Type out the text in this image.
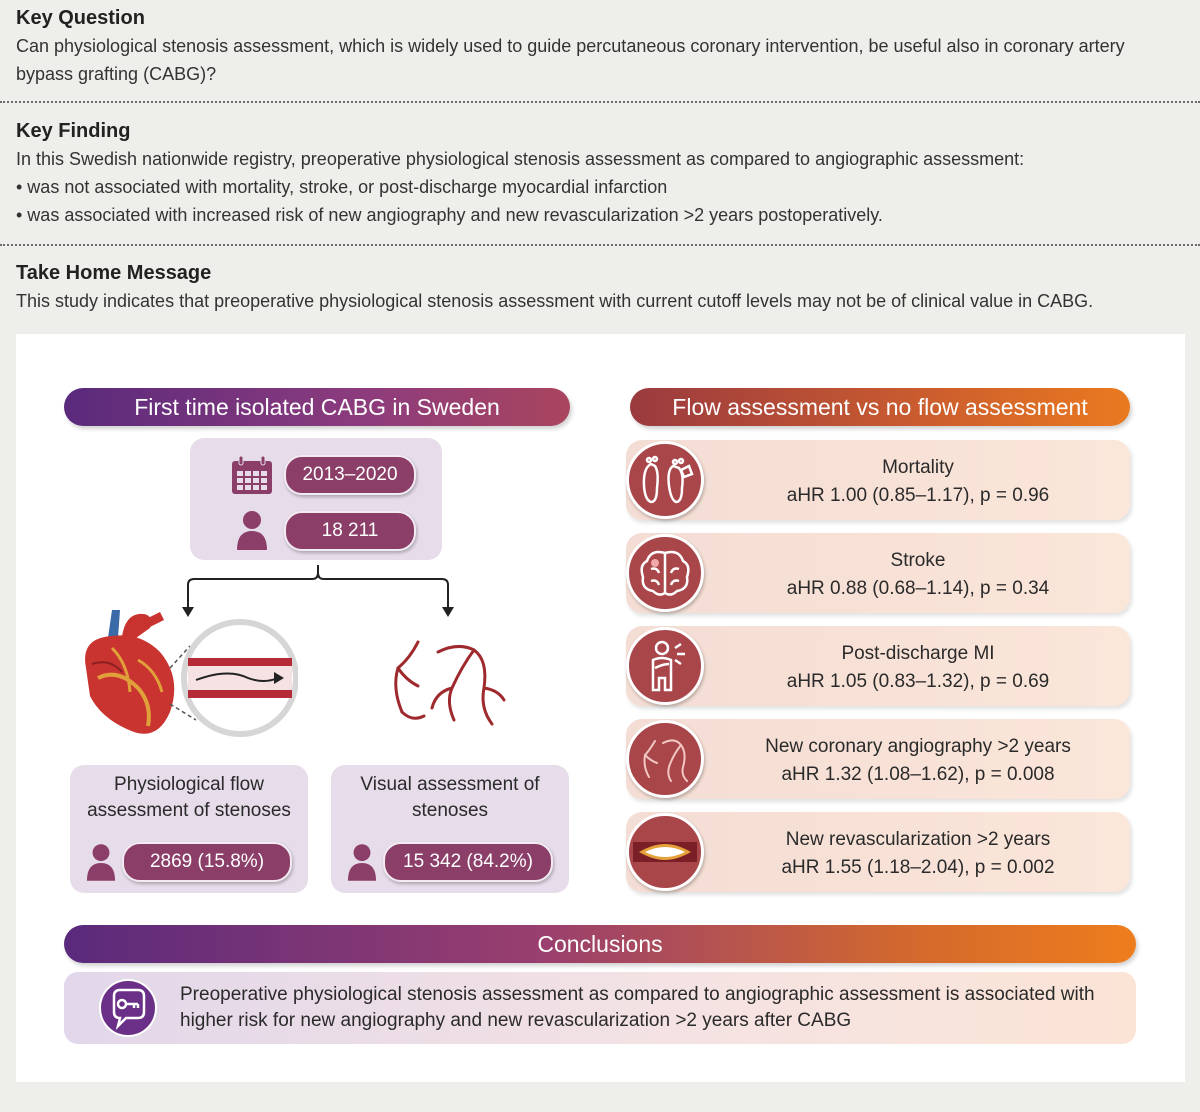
Key Question

Can physiological stenosis assessment, which is widely used to guide percutaneous coronary intervention, be useful also in coronary artery bypass grafting (CABG)?

Key Finding

In this Swedish nationwide registry, preoperative physiological stenosis assessment as compared to angiographic assessment:

• was not associated with mortality, stroke, or post-discharge myocardial infarction

• was associated with increased risk of new angiography and new revascularization >2 years postoperatively.

Take Home Message

This study indicates that preoperative physiological stenosis assessment with current cutoff levels may not be of clinical value in CABG.

First time isolated CABG in Sweden
2013–2020
18 211
Physiological flow assessment of stenoses
2869 (15.8%)
Visual assessment of stenoses
15 342 (84.2%)
Flow assessment vs no flow assessment
Mortality
aHR 1.00 (0.85–1.17), p = 0.96
Stroke
aHR 0.88 (0.68–1.14), p = 0.34
Post-discharge MI
aHR 1.05 (0.83–1.32), p = 0.69
New coronary angiography >2 years
aHR 1.32 (1.08–1.62), p = 0.008
New revascularization >2 years
aHR 1.55 (1.18–2.04), p = 0.002
Conclusions
Preoperative physiological stenosis assessment as compared to angiographic assessment is associated with higher risk for new angiography and new revascularization >2 years after CABG
